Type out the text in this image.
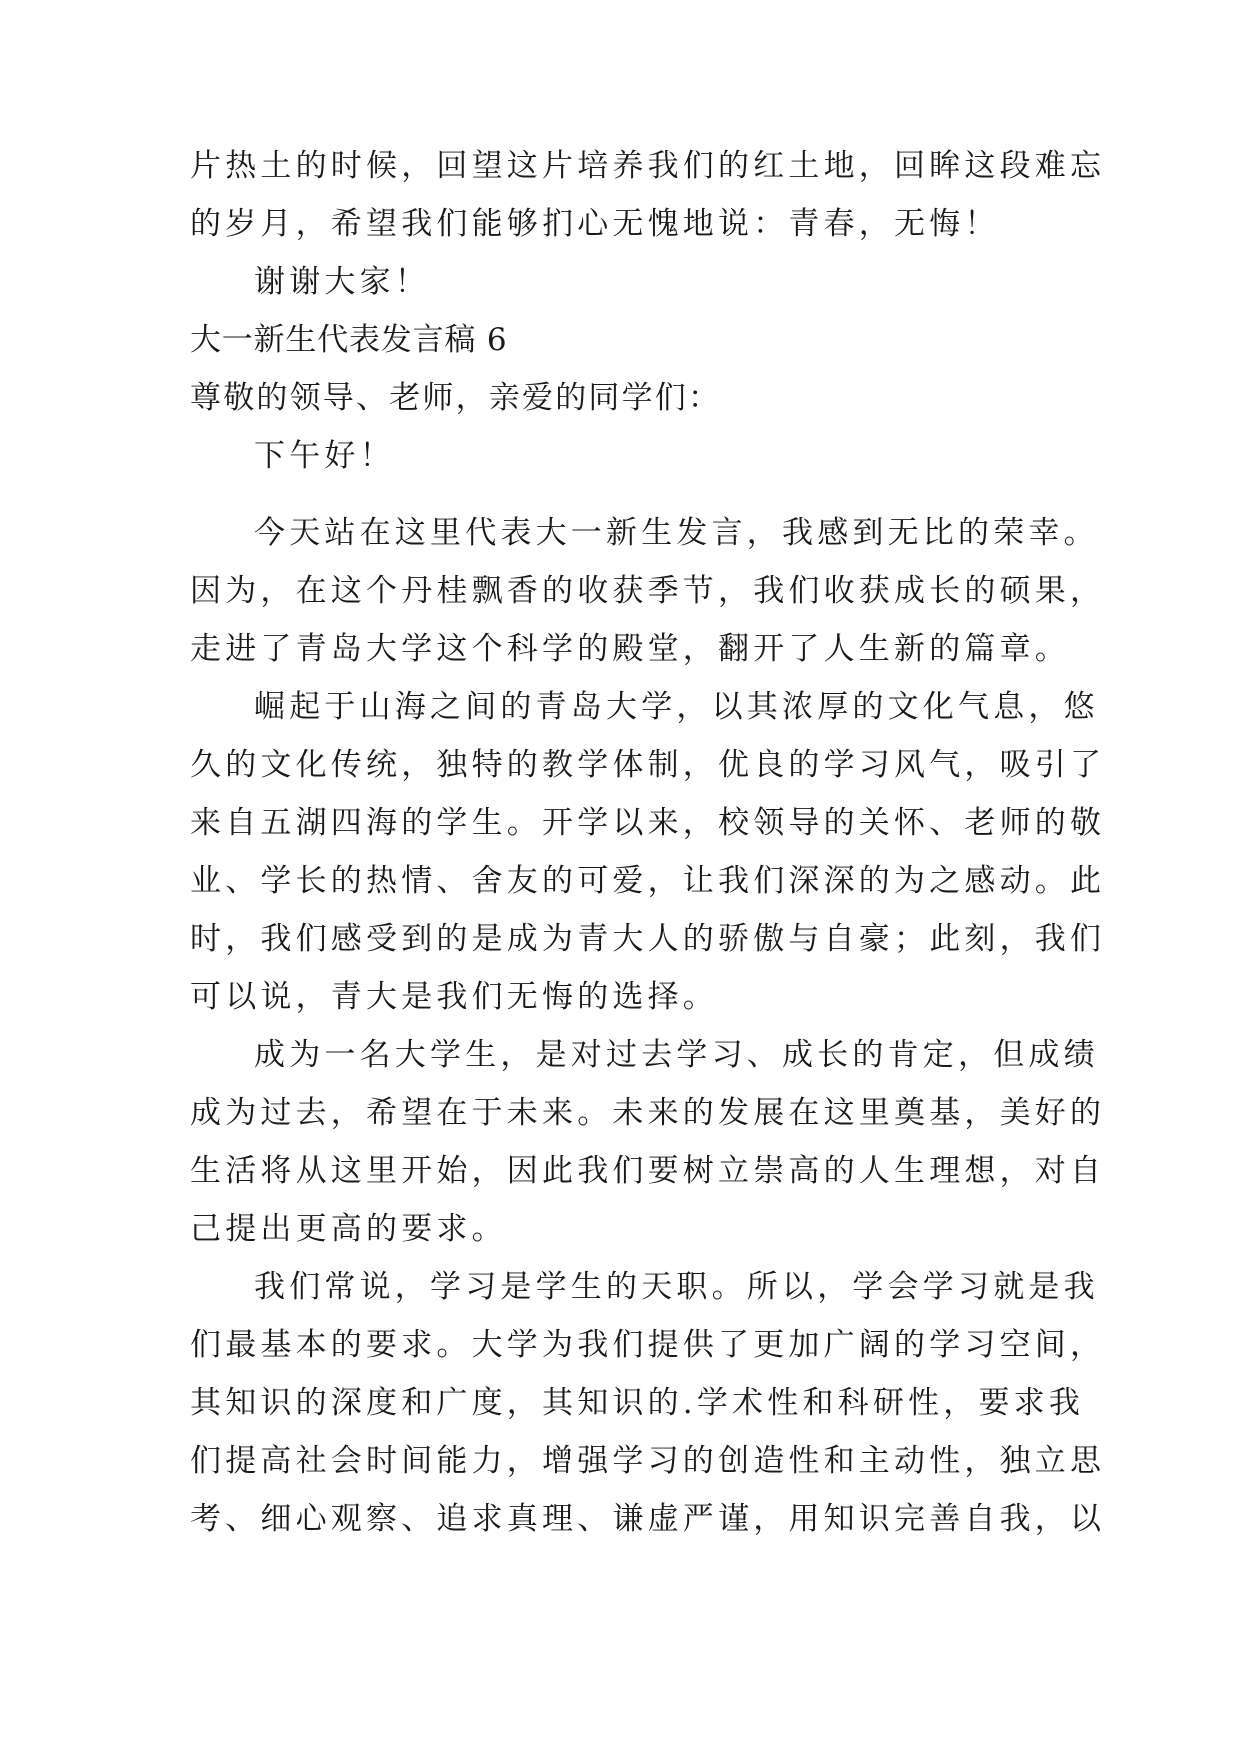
片热土的时候，回望这片培养我们的红土地，回眸这段难忘
的岁月，希望我们能够扪心无愧地说：青春，无悔！
谢谢大家！
大一新生代表发言稿 6
尊敬的领导、老师，亲爱的同学们：
下午好！
今天站在这里代表大一新生发言，我感到无比的荣幸。
因为，在这个丹桂飘香的收获季节，我们收获成长的硕果，
走进了青岛大学这个科学的殿堂，翻开了人生新的篇章。
崛起于山海之间的青岛大学，以其浓厚的文化气息，悠
久的文化传统，独特的教学体制，优良的学习风气，吸引了
来自五湖四海的学生。开学以来，校领导的关怀、老师的敬
业、学长的热情、舍友的可爱，让我们深深的为之感动。此
时，我们感受到的是成为青大人的骄傲与自豪；此刻，我们
可以说，青大是我们无悔的选择。
成为一名大学生，是对过去学习、成长的肯定，但成绩
成为过去，希望在于未来。未来的发展在这里奠基，美好的
生活将从这里开始，因此我们要树立崇高的人生理想，对自
己提出更高的要求。
我们常说，学习是学生的天职。所以，学会学习就是我
们最基本的要求。大学为我们提供了更加广阔的学习空间，
其知识的深度和广度，其知识的.学术性和科研性，要求我
们提高社会时间能力，增强学习的创造性和主动性，独立思
考、细心观察、追求真理、谦虚严谨，用知识完善自我，以
